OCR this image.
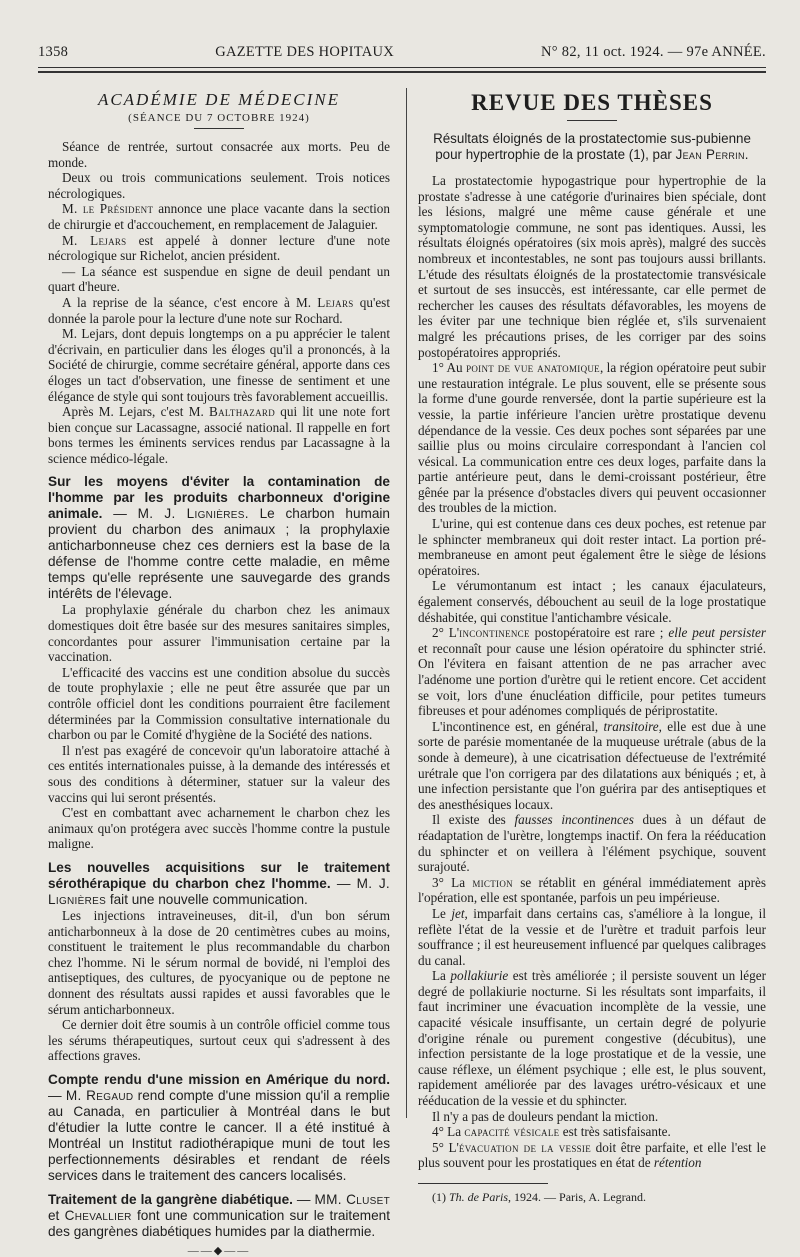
1358	GAZETTE DES HOPITAUX	N° 82, 11 oct. 1924. — 97e ANNÉE.
ACADÉMIE DE MÉDECINE
(SÉANCE DU 7 OCTOBRE 1924)

Séance de rentrée, surtout consacrée aux morts. Peu de monde.

Deux ou trois communications seulement. Trois notices nécrologiques.

M. le Président annonce une place vacante dans la section de chirurgie et d'accouchement, en remplacement de Jalaguier.

M. Lejars est appelé à donner lecture d'une note nécrologique sur Richelot, ancien président.

— La séance est suspendue en signe de deuil pendant un quart d'heure.

A la reprise de la séance, c'est encore à M. Lejars qu'est donnée la parole pour la lecture d'une note sur Rochard.

M. Lejars, dont depuis longtemps on a pu apprécier le talent d'écrivain, en particulier dans les éloges qu'il a prononcés, à la Société de chirurgie, comme secrétaire général, apporte dans ces éloges un tact d'observation, une finesse de sentiment et une élégance de style qui sont toujours très favorablement accueillis.

Après M. Lejars, c'est M. Balthazard qui lit une note fort bien conçue sur Lacassagne, associé national. Il rappelle en fort bons termes les éminents services rendus par Lacassagne à la science médico-légale.

Sur les moyens d'éviter la contamination de l'homme par les produits charbonneux d'origine animale. — M. J. Lignières. Le charbon humain provient du charbon des animaux ; la prophylaxie anticharbonneuse chez ces derniers est la base de la défense de l'homme contre cette maladie, en même temps qu'elle représente une sauvegarde des grands intérêts de l'élevage.

La prophylaxie générale du charbon chez les animaux domestiques doit être basée sur des mesures sanitaires simples, concordantes pour assurer l'immunisation certaine par la vaccination.

L'efficacité des vaccins est une condition absolue du succès de toute prophylaxie ; elle ne peut être assurée que par un contrôle officiel dont les conditions pourraient être facilement déterminées par la Commission consultative internationale du charbon ou par le Comité d'hygiène de la Société des nations.

Il n'est pas exagéré de concevoir qu'un laboratoire attaché à ces entités internationales puisse, à la demande des intéressés et sous des conditions à déterminer, statuer sur la valeur des vaccins qui lui seront présentés.

C'est en combattant avec acharnement le charbon chez les animaux qu'on protégera avec succès l'homme contre la pustule maligne.

Les nouvelles acquisitions sur le traitement sérothérapique du charbon chez l'homme. — M. J. Lignières fait une nouvelle communication.

Les injections intraveineuses, dit-il, d'un bon sérum anticharbonneux à la dose de 20 centimètres cubes au moins, constituent le traitement le plus recommandable du charbon chez l'homme. Ni le sérum normal de bovidé, ni l'emploi des antiseptiques, des cultures, de pyocyanique ou de peptone ne donnent des résultats aussi rapides et aussi favorables que le sérum anticharbonneux.

Ce dernier doit être soumis à un contrôle officiel comme tous les sérums thérapeutiques, surtout ceux qui s'adressent à des affections graves.

Compte rendu d'une mission en Amérique du nord. — M. Regaud rend compte d'une mission qu'il a remplie au Canada, en particulier à Montréal dans le but d'étudier la lutte contre le cancer. Il a été institué à Montréal un Institut radiothérapique muni de tout les perfectionnements désirables et rendant de réels services dans le traitement des cancers localisés.

Traitement de la gangrène diabétique. — MM. Cluset et Chevallier font une communication sur le traitement des gangrènes diabétiques humides par la diathermie.

——◆——
REVUE DES THÈSES
Résultats éloignés de la prostatectomie sus-pubienne pour hypertrophie de la prostate (1), par Jean Perrin.

La prostatectomie hypogastrique pour hypertrophie de la prostate s'adresse à une catégorie d'urinaires bien spéciale, dont les lésions, malgré une même cause générale et une symptomatologie commune, ne sont pas identiques. Aussi, les résultats éloignés opératoires (six mois après), malgré des succès nombreux et incontestables, ne sont pas toujours aussi brillants. L'étude des résultats éloignés de la prostatectomie transvésicale et surtout de ses insuccès, est intéressante, car elle permet de rechercher les causes des résultats défavorables, les moyens de les éviter par une technique bien réglée et, s'ils survenaient malgré les précautions prises, de les corriger par des soins postopératoires appropriés.

1° Au point de vue anatomique, la région opératoire peut subir une restauration intégrale. Le plus souvent, elle se présente sous la forme d'une gourde renversée, dont la partie supérieure est la vessie, la partie inférieure l'ancien urètre prostatique devenu dépendance de la vessie. Ces deux poches sont séparées par une saillie plus ou moins circulaire correspondant à l'ancien col vésical. La communication entre ces deux loges, parfaite dans la partie antérieure peut, dans le demi-croissant postérieur, être gênée par la présence d'obstacles divers qui peuvent occasionner des troubles de la miction.

L'urine, qui est contenue dans ces deux poches, est retenue par le sphincter membraneux qui doit rester intact. La portion pré-membraneuse en amont peut également être le siège de lésions opératoires.

Le vérumontanum est intact ; les canaux éjaculateurs, également conservés, débouchent au seuil de la loge prostatique déshabitée, qui constitue l'antichambre vésicale.

2° L'incontinence postopératoire est rare ; elle peut persister et reconnaît pour cause une lésion opératoire du sphincter strié. On l'évitera en faisant attention de ne pas arracher avec l'adénome une portion d'urètre qui le retient encore. Cet accident se voit, lors d'une énucléation difficile, pour petites tumeurs fibreuses et pour adénomes compliqués de périprostatite.

L'incontinence est, en général, transitoire, elle est due à une sorte de parésie momentanée de la muqueuse urétrale (abus de la sonde à demeure), à une cicatrisation défectueuse de l'extrémité urétrale que l'on corrigera par des dilatations aux béniqués ; et, à une infection persistante que l'on guérira par des antiseptiques et des anesthésiques locaux.

Il existe des fausses incontinences dues à un défaut de réadaptation de l'urètre, longtemps inactif. On fera la rééducation du sphincter et on veillera à l'élément psychique, souvent surajouté.

3° La miction se rétablit en général immédiatement après l'opération, elle est spontanée, parfois un peu impérieuse.

Le jet, imparfait dans certains cas, s'améliore à la longue, il reflète l'état de la vessie et de l'urètre et traduit parfois leur souffrance ; il est heureusement influencé par quelques calibrages du canal.

La pollakiurie est très améliorée ; il persiste souvent un léger degré de pollakiurie nocturne. Si les résultats sont imparfaits, il faut incriminer une évacuation incomplète de la vessie, une capacité vésicale insuffisante, un certain degré de polyurie d'origine rénale ou purement congestive (décubitus), une infection persistante de la loge prostatique et de la vessie, une cause réflexe, un élément psychique ; elle est, le plus souvent, rapidement améliorée par des lavages urétro-vésicaux et une rééducation de la vessie et du sphincter.

Il n'y a pas de douleurs pendant la miction.

4° La capacité vésicale est très satisfaisante.

5° L'évacuation de la vessie doit être parfaite, et elle l'est le plus souvent pour les prostatiques en état de rétention

(1) Th. de Paris, 1924. — Paris, A. Legrand.
